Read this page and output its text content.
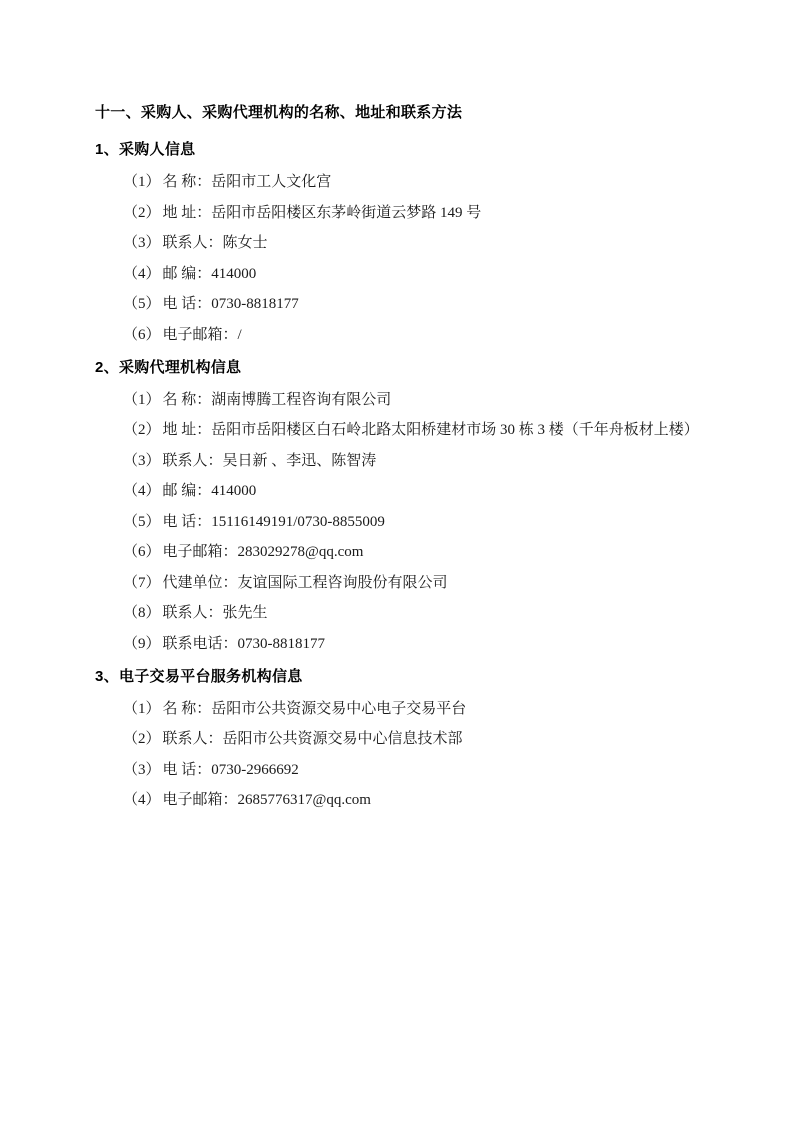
十一、采购人、采购代理机构的名称、地址和联系方法
1、采购人信息

（1） 名 称：岳阳市工人文化宫

（2） 地 址：岳阳市岳阳楼区东茅岭街道云梦路 149 号

（3） 联系人：陈女士

（4） 邮 编：414000

（5） 电 话：0730-8818177

（6） 电子邮箱：/

2、采购代理机构信息

（1） 名 称：湖南博腾工程咨询有限公司

（2） 地 址：岳阳市岳阳楼区白石岭北路太阳桥建材市场 30 栋 3 楼（千年舟板材上楼）

（3） 联系人：吴日新 、李迅、陈智涛

（4） 邮 编：414000

（5） 电 话：15116149191/0730-8855009

（6） 电子邮箱：283029278@qq.com

（7） 代建单位：友谊国际工程咨询股份有限公司

（8） 联系人：张先生

（9） 联系电话：0730-8818177

3、电子交易平台服务机构信息

（1） 名 称：岳阳市公共资源交易中心电子交易平台

（2） 联系人：岳阳市公共资源交易中心信息技术部

（3） 电 话：0730-2966692

（4） 电子邮箱：2685776317@qq.com
